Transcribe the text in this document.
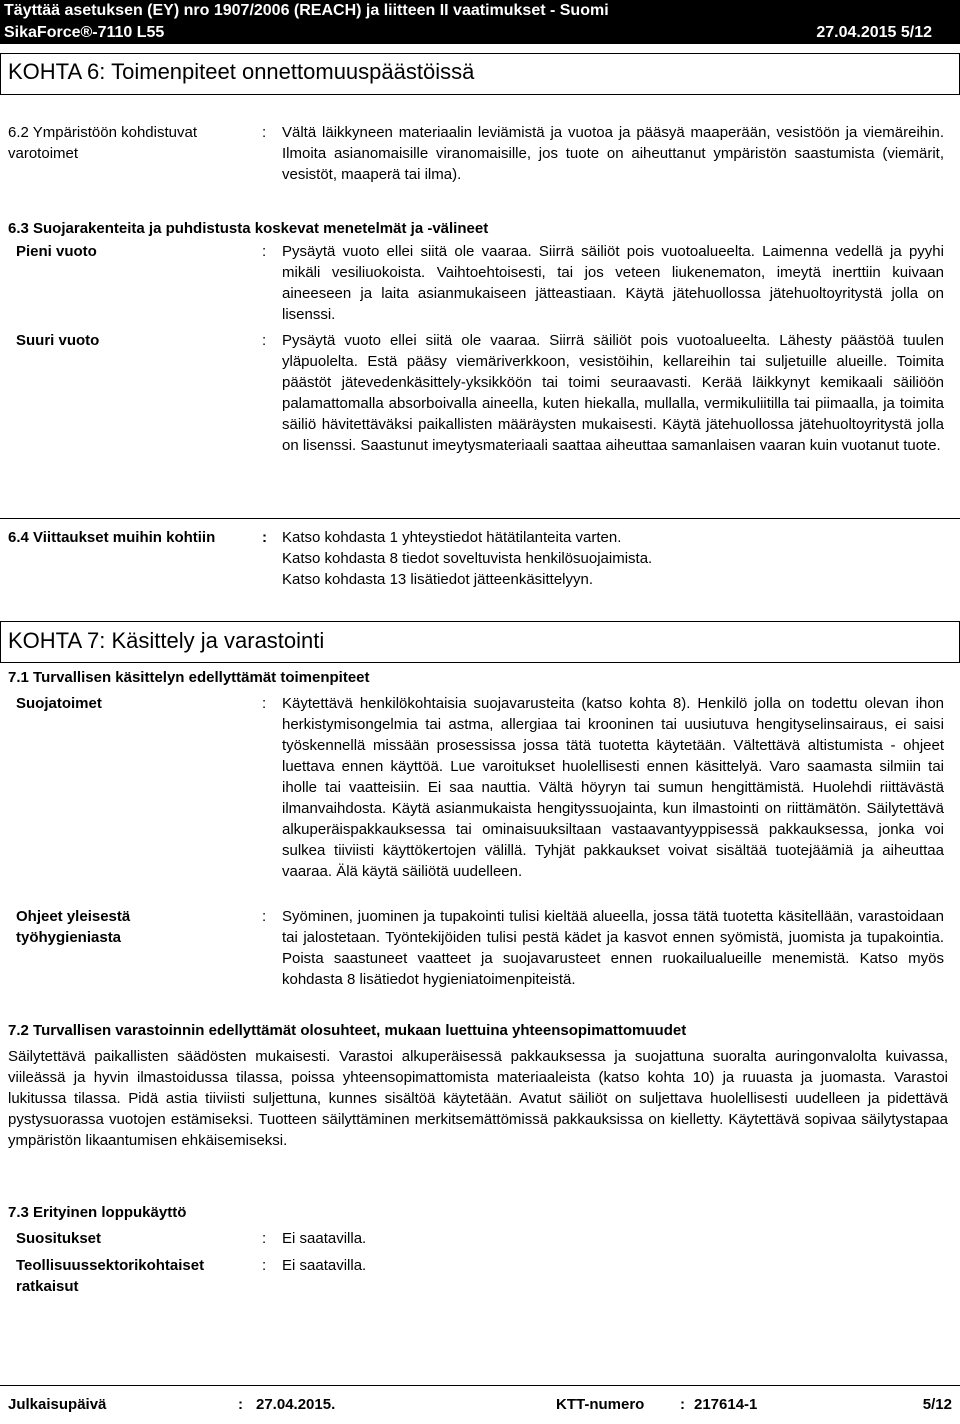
Täyttää asetuksen (EY) nro 1907/2006 (REACH) ja liitteen II vaatimukset - Suomi
SikaForce®-7110 L55	27.04.2015 5/12
KOHTA 6: Toimenpiteet onnettomuuspäästöissä
6.2 Ympäristöön kohdistuvat varotoimet
:	Vältä läikkyneen materiaalin leviämistä ja vuotoa ja pääsyä maaperään, vesistöön ja viemäreihin. Ilmoita asianomaisille viranomaisille, jos tuote on aiheuttanut ympäristön saastumista (viemärit, vesistöt, maaperä tai ilma).
6.3 Suojarakenteita ja puhdistusta koskevat menetelmät ja -välineet
Pieni vuoto	:	Pysäytä vuoto ellei siitä ole vaaraa. Siirrä säiliöt pois vuotoalueelta. Laimenna vedellä ja pyyhi mikäli vesiliuokoista. Vaihtoehtoisesti, tai jos veteen liukenematon, imeytä inerttiin kuivaan aineeseen ja laita asianmukaiseen jätteastiaan. Käytä jätehuollossa jätehuoltoyritystä jolla on lisenssi.
Suuri vuoto	:	Pysäytä vuoto ellei siitä ole vaaraa. Siirrä säiliöt pois vuotoalueelta. Lähesty päästöä tuulen yläpuolelta. Estä pääsy viemäriverkkoon, vesistöihin, kellareihin tai suljetuille alueille. Toimita päästöt jätevedenkäsittely-yksikköön tai toimi seuraavasti. Kerää läikkynyt kemikaali säiliöön palamattomalla absorboivalla aineella, kuten hiekalla, mullalla, vermikuliitilla tai piimaalla, ja toimita säiliö hävitettäväksi paikallisten määräysten mukaisesti. Käytä jätehuollossa jätehuoltoyritystä jolla on lisenssi. Saastunut imeytysmateriaali saattaa aiheuttaa samanlaisen vaaran kuin vuotanut tuote.
6.4 Viittaukset muihin kohtiin	:	Katso kohdasta 1 yhteystiedot hätätilanteita varten.
Katso kohdasta 8 tiedot soveltuvista henkilösuojaimista.
Katso kohdasta 13 lisätiedot jätteenkäsittelyyn.
KOHTA 7: Käsittely ja varastointi
7.1 Turvallisen käsittelyn edellyttämät toimenpiteet
Suojatoimet	:	Käytettävä henkilökohtaisia suojavarusteita (katso kohta 8). Henkilö jolla on todettu olevan ihon herkistymisongelmia tai astma, allergiaa tai krooninen tai uusiutuva hengityselinsairaus, ei saisi työskennellä missään prosessissa jossa tätä tuotetta käytetään. Vältettävä altistumista - ohjeet luettava ennen käyttöä. Lue varoitukset huolellisesti ennen käsittelyä. Varo saamasta silmiin tai iholle tai vaatteisiin. Ei saa nauttia. Vältä höyryn tai sumun hengittämistä. Huolehdi riittävästä ilmanvaihdosta. Käytä asianmukaista hengityssuojainta, kun ilmastointi on riittämätön. Säilytettävä alkuperäispakkauksessa tai ominaisuuksiltaan vastaavantyyppisessä pakkauksessa, jonka voi sulkea tiiviisti käyttökertojen välillä. Tyhjät pakkaukset voivat sisältää tuotejäämiä ja aiheuttaa vaaraa. Älä käytä säiliötä uudelleen.
Ohjeet yleisestä työhygieniasta
:	Syöminen, juominen ja tupakointi tulisi kieltää alueella, jossa tätä tuotetta käsitellään, varastoidaan tai jalostetaan. Työntekijöiden tulisi pestä kädet ja kasvot ennen syömistä, juomista ja tupakointia. Poista saastuneet vaatteet ja suojavarusteet ennen ruokailualueille menemistä. Katso myös kohdasta 8 lisätiedot hygieniatoimenpiteistä.
7.2 Turvallisen varastoinnin edellyttämät olosuhteet, mukaan luettuina yhteensopimattomuudet
Säilytettävä paikallisten säädösten mukaisesti. Varastoi alkuperäisessä pakkauksessa ja suojattuna suoralta auringonvalolta kuivassa, viileässä ja hyvin ilmastoidussa tilassa, poissa yhteensopimattomista materiaaleista (katso kohta 10) ja ruuasta ja juomasta. Varastoi lukitussa tilassa. Pidä astia tiiviisti suljettuna, kunnes sisältöä käytetään. Avatut säiliöt on suljettava huolellisesti uudelleen ja pidettävä pystysuorassa vuotojen estämiseksi. Tuotteen säilyttäminen merkitsemättömissä pakkauksissa on kielletty. Käytettävä sopivaa säilytystapaa ympäristön likaantumisen ehkäisemiseksi.
7.3 Erityinen loppukäyttö
Suositukset	:	Ei saatavilla.
Teollisuussektorikohtaiset ratkaisut
:	Ei saatavilla.
Julkaisupäivä	: 27.04.2015.	KTT-numero : 217614-1	5/12
